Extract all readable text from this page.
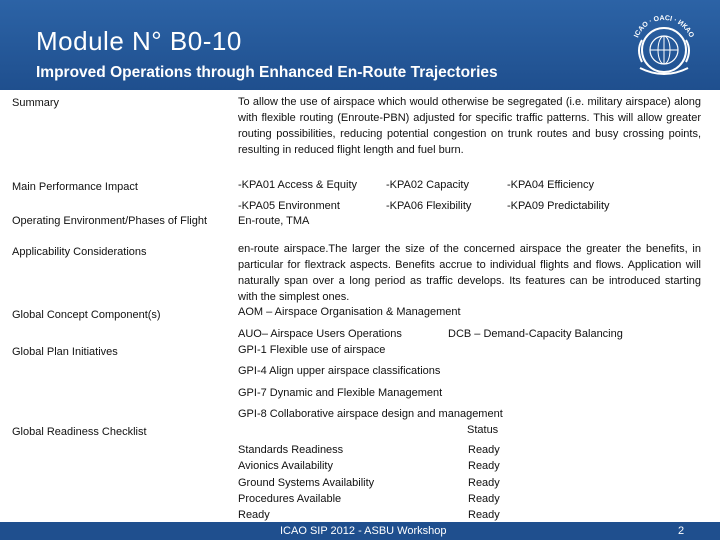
Module N° B0-10
Improved Operations through Enhanced En-Route Trajectories
ICAO · OACI · ИКАО
Summary	To allow the use of airspace which would otherwise be segregated (i.e. military airspace) along with flexible routing (Enroute-PBN) adjusted for specific traffic patterns. This will allow greater routing possibilities, reducing potential congestion on trunk routes and busy crossing points, resulting in reduced flight length and fuel burn.
Main Performance Impact	-KPA01 Access & Equity	-KPA02 Capacity	-KPA04 Efficiency
-KPA05 Environment	-KPA06 Flexibility	-KPA09 Predictability
Operating Environment/Phases of Flight	En-route, TMA
Applicability Considerations	en-route airspace.The larger the size of the concerned airspace the greater the benefits, in particular for flextrack aspects. Benefits accrue to individual flights and flows. Application will naturally span over a long period as traffic develops. Its features can be introduced starting with the simplest ones.
Global Concept Component(s)	AOM – Airspace Organisation & Management
AUO– Airspace Users Operations	DCB – Demand-Capacity Balancing
Global Plan Initiatives	GPI-1 Flexible use of airspace
GPI-4 Align upper airspace classifications
GPI-7 Dynamic and Flexible Management
GPI-8 Collaborative airspace design and management
Global Readiness Checklist	Status
Standards Readiness	Ready
Avionics Availability	Ready
Ground Systems Availability	Ready
Procedures Available	Ready
Ready	Ready
ICAO SIP 2012 - ASBU Workshop	2
